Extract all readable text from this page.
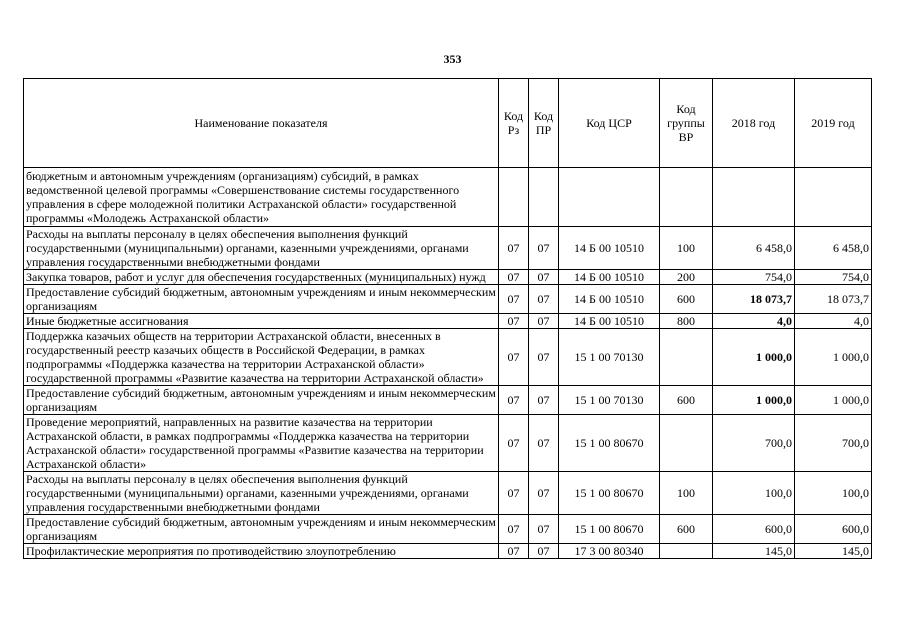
353
Наименование показателя	Код Рз	Код ПР	Код ЦСР	Код группы ВР	2018 год	2019 год
бюджетным и автономным учреждениям (организациям) субсидий, в рамках ведомственной целевой программы «Совершенствование системы государственного управления в сфере молодежной политики Астраханской области» государственной программы «Молодежь Астраханской области»						
Расходы на выплаты персоналу в целях обеспечения выполнения функций государственными (муниципальными) органами, казенными учреждениями, органами управления государственными внебюджетными фондами	07	07	14 Б 00 10510	100	6 458,0	6 458,0
Закупка товаров, работ и услуг для обеспечения государственных (муниципальных) нужд	07	07	14 Б 00 10510	200	754,0	754,0
Предоставление субсидий бюджетным, автономным учреждениям и иным некоммерческим организациям	07	07	14 Б 00 10510	600	18 073,7	18 073,7
Иные бюджетные ассигнования	07	07	14 Б 00 10510	800	4,0	4,0
Поддержка казачьих обществ на территории Астраханской области, внесенных в государственный реестр казачьих обществ в Российской Федерации, в рамках подпрограммы «Поддержка казачества на территории Астраханской области» государственной программы «Развитие казачества на территории Астраханской области»	07	07	15 1 00 70130		1 000,0	1 000,0
Предоставление субсидий бюджетным, автономным учреждениям и иным некоммерческим организациям	07	07	15 1 00 70130	600	1 000,0	1 000,0
Проведение мероприятий, направленных на развитие казачества на территории Астраханской области, в рамках подпрограммы «Поддержка казачества на территории Астраханской области» государственной программы «Развитие казачества на территории Астраханской области»	07	07	15 1 00 80670		700,0	700,0
Расходы на выплаты персоналу в целях обеспечения выполнения функций государственными (муниципальными) органами, казенными учреждениями, органами управления государственными внебюджетными фондами	07	07	15 1 00 80670	100	100,0	100,0
Предоставление субсидий бюджетным, автономным учреждениям и иным некоммерческим организациям	07	07	15 1 00 80670	600	600,0	600,0
Профилактические мероприятия по противодействию злоупотреблению	07	07	17 3 00 80340		145,0	145,0
